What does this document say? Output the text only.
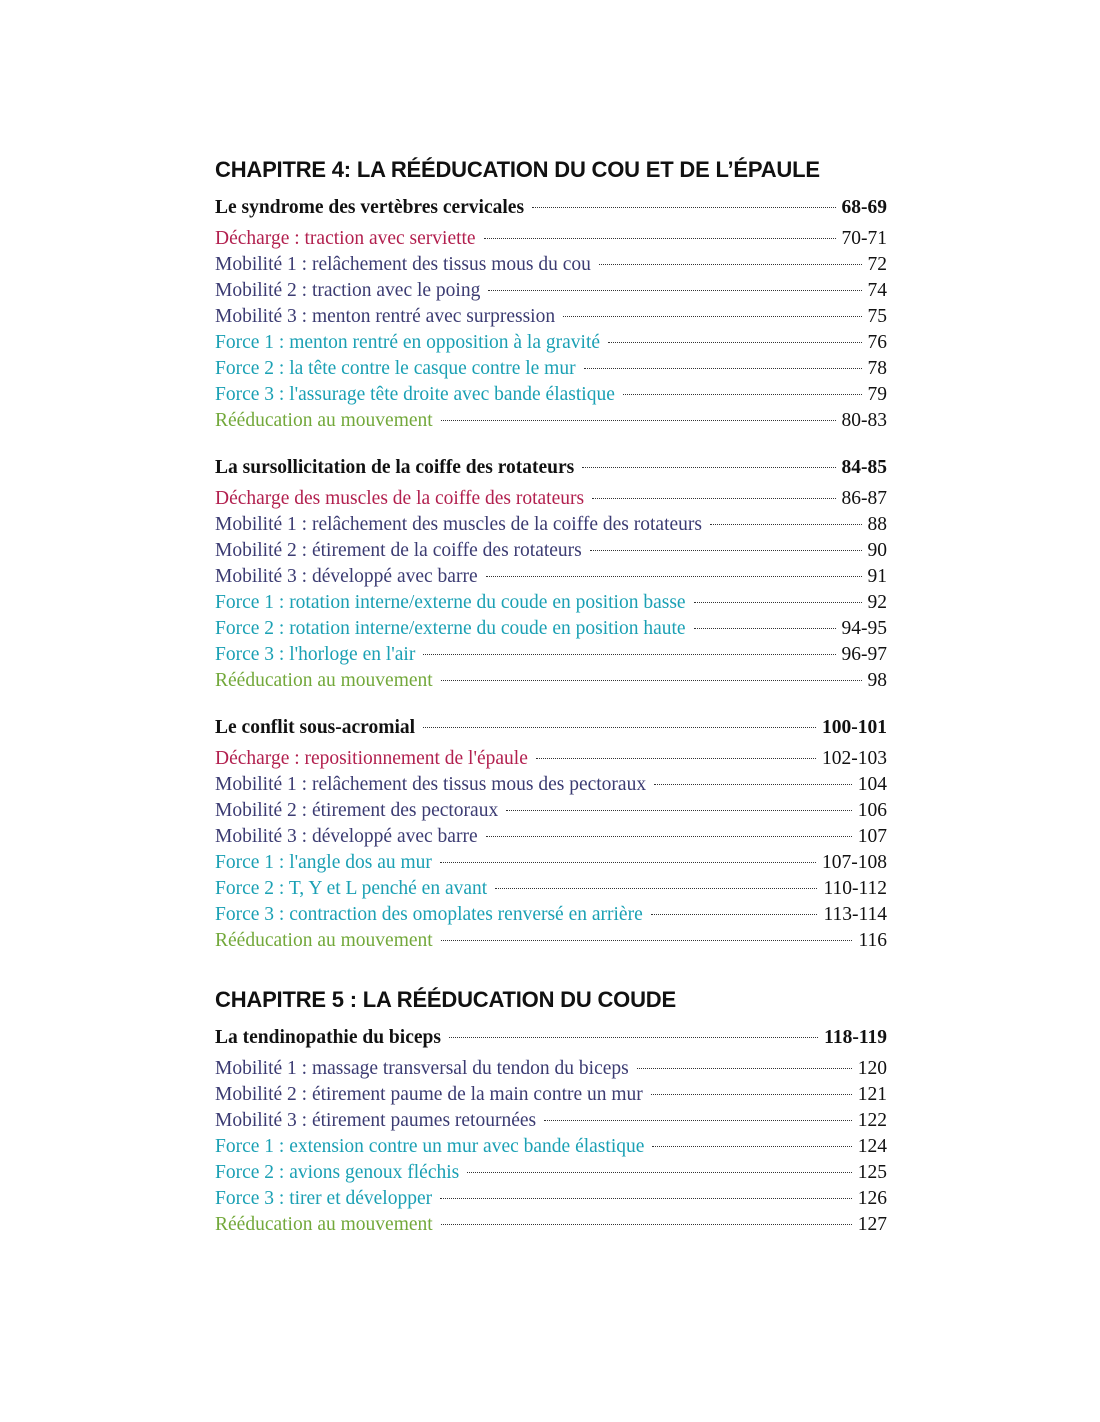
CHAPITRE 4: LA RÉÉDUCATION DU COU ET DE L’ÉPAULE
Le syndrome des vertèbres cervicales	68-69
Décharge : traction avec serviette	70-71
Mobilité 1 : relâchement des tissus mous du cou	72
Mobilité 2 : traction avec le poing	74
Mobilité 3 : menton rentré avec surpression	75
Force 1 : menton rentré en opposition à la gravité	76
Force 2 : la tête contre le casque contre le mur	78
Force 3 : l'assurage tête droite avec bande élastique	79
Rééducation au mouvement	80-83
La sursollicitation de la coiffe des rotateurs	84-85
Décharge des muscles de la coiffe des rotateurs	86-87
Mobilité 1 : relâchement des muscles de la coiffe des rotateurs	88
Mobilité 2 : étirement de la coiffe des rotateurs	90
Mobilité 3 : développé avec barre	91
Force 1 : rotation interne/externe du coude en position basse	92
Force 2 : rotation interne/externe du coude en position haute	94-95
Force 3 : l'horloge en l'air	96-97
Rééducation au mouvement	98
Le conflit sous-acromial	100-101
Décharge : repositionnement de l'épaule	102-103
Mobilité 1 : relâchement des tissus mous des pectoraux	104
Mobilité 2 : étirement des pectoraux	106
Mobilité 3 : développé avec barre	107
Force 1 : l'angle dos au mur	107-108
Force 2 : T, Y et L penché en avant	110-112
Force 3 : contraction des omoplates renversé en arrière	113-114
Rééducation au mouvement	116
CHAPITRE 5 : LA RÉÉDUCATION DU COUDE
La tendinopathie du biceps	118-119
Mobilité 1 : massage transversal du tendon du biceps	120
Mobilité 2 : étirement paume de la main contre un mur	121
Mobilité 3 : étirement paumes retournées	122
Force 1 : extension contre un mur avec bande élastique	124
Force 2 : avions genoux fléchis	125
Force 3 : tirer et développer	126
Rééducation au mouvement	127
